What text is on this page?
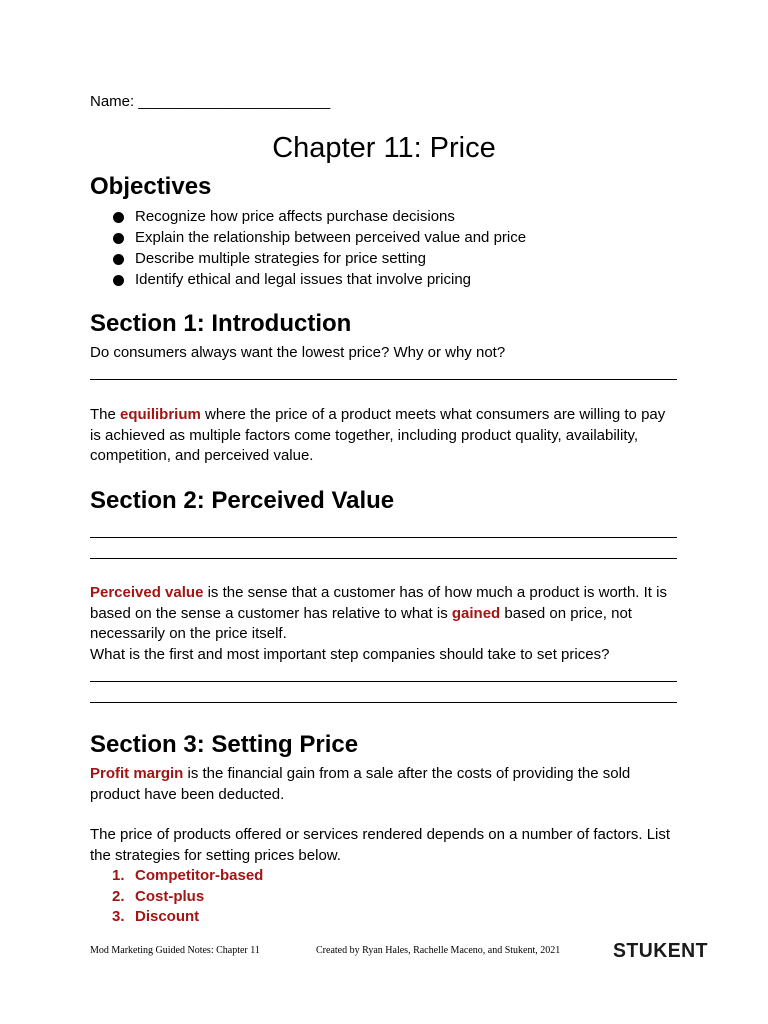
Name: _______________________
Chapter 11: Price
Objectives
Recognize how price affects purchase decisions
Explain the relationship between perceived value and price
Describe multiple strategies for price setting
Identify ethical and legal issues that involve pricing
Section 1: Introduction
Do consumers always want the lowest price? Why or why not?
The equilibrium where the price of a product meets what consumers are willing to pay is achieved as multiple factors come together, including product quality, availability, competition, and perceived value.
Section 2: Perceived Value
Perceived value is the sense that a customer has of how much a product is worth. It is based on the sense a customer has relative to what is gained based on price, not necessarily on the price itself.
What is the first and most important step companies should take to set prices?
Section 3: Setting Price
Profit margin is the financial gain from a sale after the costs of providing the sold product have been deducted.
The price of products offered or services rendered depends on a number of factors. List the strategies for setting prices below.
1. Competitor-based
2. Cost-plus
3. Discount
Mod Marketing Guided Notes: Chapter 11	Created by Ryan Hales, Rachelle Maceno, and Stukent, 2021	STUKENT
